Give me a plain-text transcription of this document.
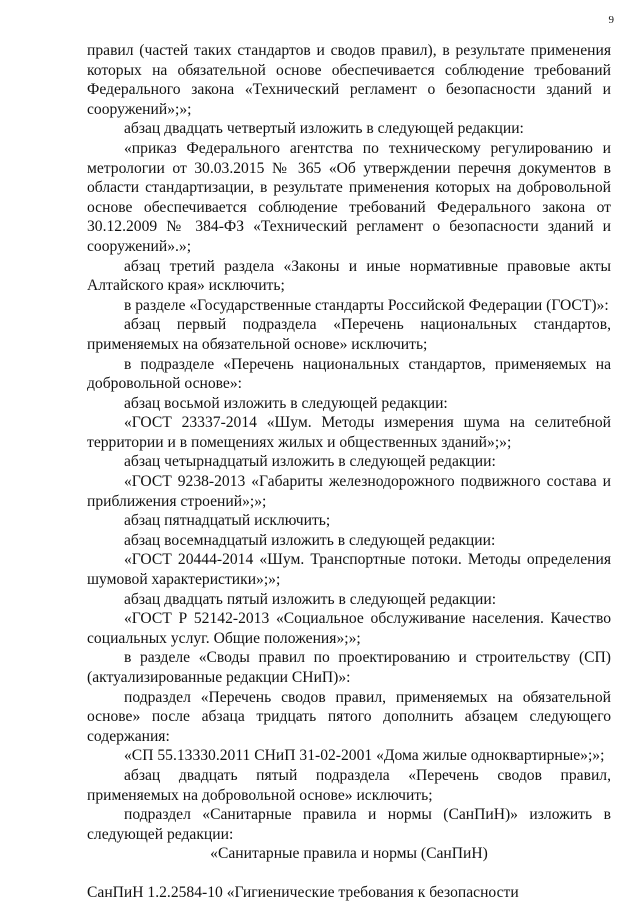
9

правил (частей таких стандартов и сводов правил), в результате применения которых на обязательной основе обеспечивается соблюдение требований Федерального закона «Технический регламент о безопасности зданий и сооружений»;»;

абзац двадцать четвертый изложить в следующей редакции:

«приказ Федерального агентства по техническому регулированию и метрологии от 30.03.2015 № 365 «Об утверждении перечня документов в области стандартизации, в результате применения которых на добровольной основе обеспечивается соблюдение требований Федерального закона от 30.12.2009 № 384-ФЗ «Технический регламент о безопасности зданий и сооружений».»;

абзац третий раздела «Законы и иные нормативные правовые акты Алтайского края» исключить;

в разделе «Государственные стандарты Российской Федерации (ГОСТ)»:

абзац первый подраздела «Перечень национальных стандартов, применяемых на обязательной основе» исключить;

в подразделе «Перечень национальных стандартов, применяемых на добровольной основе»:

абзац восьмой изложить в следующей редакции:

«ГОСТ 23337-2014 «Шум. Методы измерения шума на селитебной территории и в помещениях жилых и общественных зданий»;»;

абзац четырнадцатый изложить в следующей редакции:

«ГОСТ 9238-2013 «Габариты железнодорожного подвижного состава и приближения строений»;»;

абзац пятнадцатый исключить;

абзац восемнадцатый изложить в следующей редакции:

«ГОСТ 20444-2014 «Шум. Транспортные потоки. Методы определения шумовой характеристики»;»;

абзац двадцать пятый изложить в следующей редакции:

«ГОСТ Р 52142-2013 «Социальное обслуживание населения. Качество социальных услуг. Общие положения»;»;

в разделе «Своды правил по проектированию и строительству (СП) (актуализированные редакции СНиП)»:

подраздел «Перечень сводов правил, применяемых на обязательной основе» после абзаца тридцать пятого дополнить абзацем следующего содержания:

«СП 55.13330.2011 СНиП 31-02-2001 «Дома жилые одноквартирные»;»;

абзац двадцать пятый подраздела «Перечень сводов правил, применяемых на добровольной основе» исключить;

подраздел «Санитарные правила и нормы (СанПиН)» изложить в следующей редакции:

«Санитарные правила и нормы (СанПиН)

СанПиН 1.2.2584-10 «Гигиенические требования к безопасности
